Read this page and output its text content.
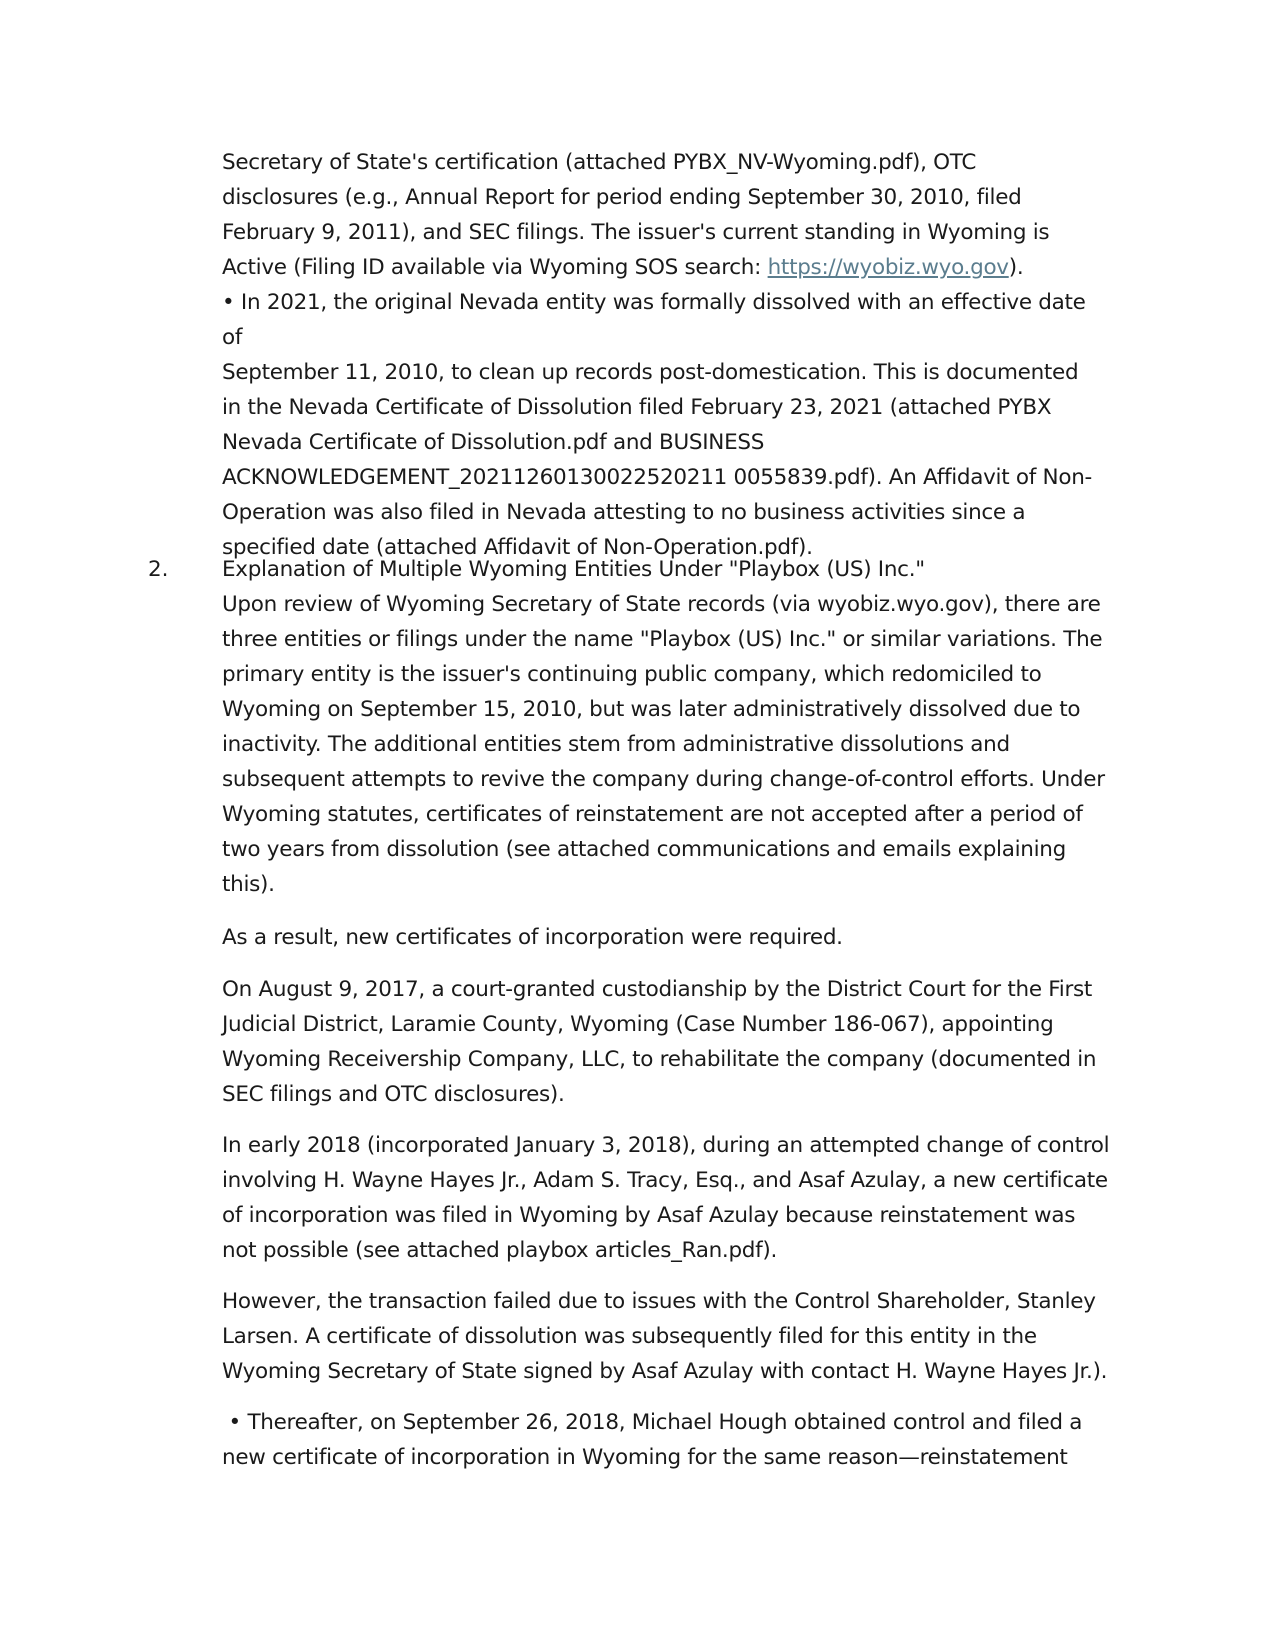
Secretary of State's certification (attached PYBX_NV-Wyoming.pdf), OTC

disclosures (e.g., Annual Report for period ending September 30, 2010, filed

February 9, 2011), and SEC filings. The issuer's current standing in Wyoming is

Active (Filing ID available via Wyoming SOS search: https://wyobiz.wyo.gov).

• In 2021, the original Nevada entity was formally dissolved with an effective date of

September 11, 2010, to clean up records post-domestication. This is documented

in the Nevada Certificate of Dissolution filed February 23, 2021 (attached PYBX

Nevada Certificate of Dissolution.pdf and BUSINESS

ACKNOWLEDGEMENT_20211260130022520211 0055839.pdf). An Affidavit of Non-

Operation was also filed in Nevada attesting to no business activities since a

specified date (attached Affidavit of Non-Operation.pdf).

2. Explanation of Multiple Wyoming Entities Under "Playbox (US) Inc."

Upon review of Wyoming Secretary of State records (via wyobiz.wyo.gov), there are

three entities or filings under the name "Playbox (US) Inc." or similar variations. The

primary entity is the issuer's continuing public company, which redomiciled to

Wyoming on September 15, 2010, but was later administratively dissolved due to

inactivity. The additional entities stem from administrative dissolutions and

subsequent attempts to revive the company during change-of-control efforts. Under

Wyoming statutes, certificates of reinstatement are not accepted after a period of

two years from dissolution (see attached communications and emails explaining

this).

As a result, new certificates of incorporation were required.

On August 9, 2017, a court-granted custodianship by the District Court for the First

Judicial District, Laramie County, Wyoming (Case Number 186-067), appointing

Wyoming Receivership Company, LLC, to rehabilitate the company (documented in

SEC filings and OTC disclosures).

In early 2018 (incorporated January 3, 2018), during an attempted change of control

involving H. Wayne Hayes Jr., Adam S. Tracy, Esq., and Asaf Azulay, a new certificate

of incorporation was filed in Wyoming by Asaf Azulay because reinstatement was

not possible (see attached playbox articles_Ran.pdf).

However, the transaction failed due to issues with the Control Shareholder, Stanley

Larsen. A certificate of dissolution was subsequently filed for this entity in the

Wyoming Secretary of State signed by Asaf Azulay with contact H. Wayne Hayes Jr.).

• Thereafter, on September 26, 2018, Michael Hough obtained control and filed a

new certificate of incorporation in Wyoming for the same reason—reinstatement
